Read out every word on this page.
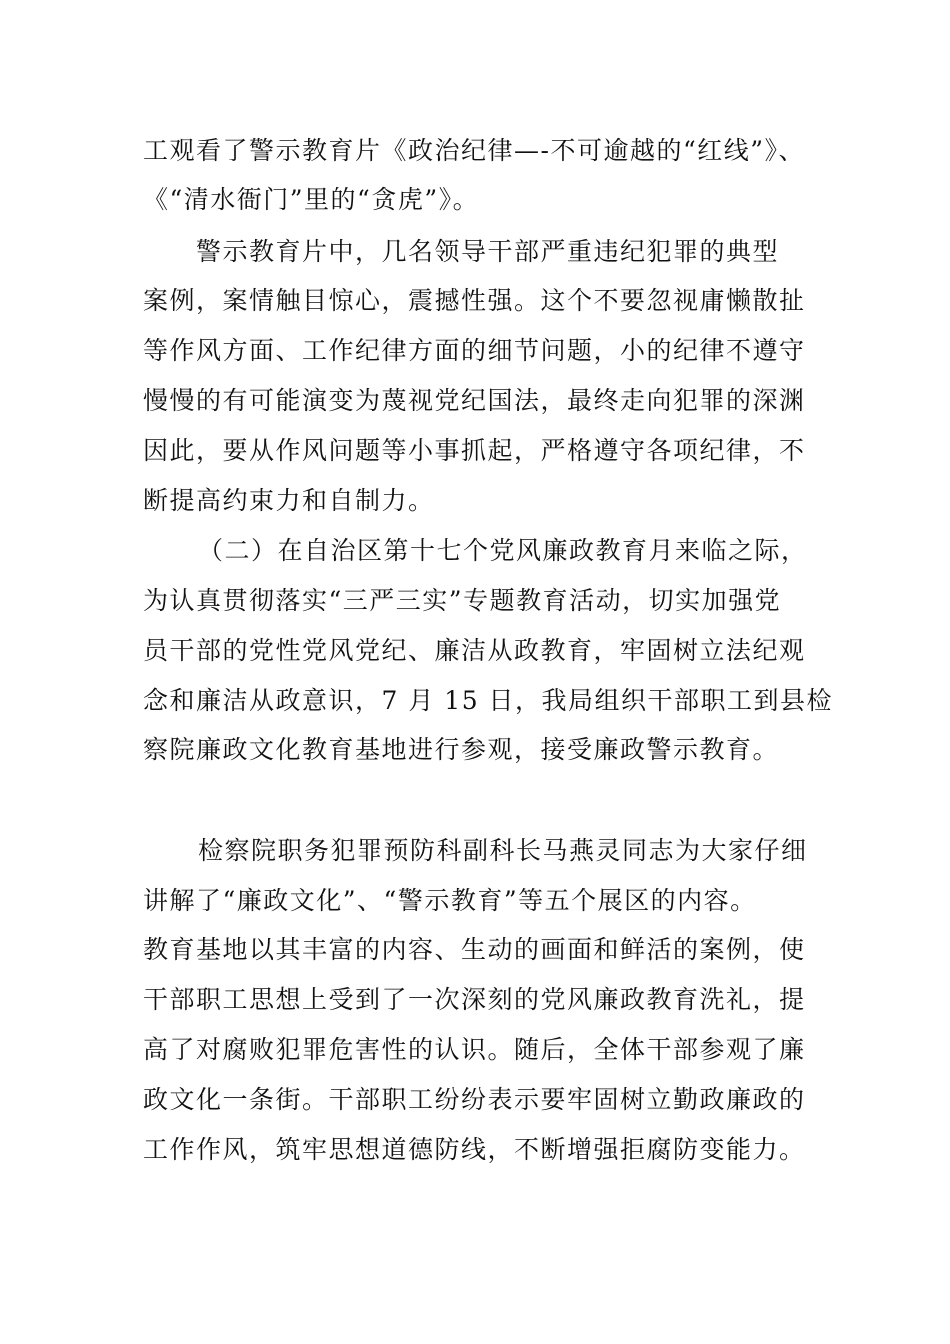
工观看了警示教育片《政治纪律—-不可逾越的“红线”》、
《“清水衙门”里的“贪虎”》。
　　警示教育片中，几名领导干部严重违纪犯罪的典型
案例，案情触目惊心，震撼性强。这个不要忽视庸懒散扯
等作风方面、工作纪律方面的细节问题，小的纪律不遵守
慢慢的有可能演变为蔑视党纪国法，最终走向犯罪的深渊
因此，要从作风问题等小事抓起，严格遵守各项纪律，不
断提高约束力和自制力。
（二）在自治区第十七个党风廉政教育月来临之际，
为认真贯彻落实“三严三实”专题教育活动，切实加强党
员干部的党性党风党纪、廉洁从政教育，牢固树立法纪观
念和廉洁从政意识，7 月 15 日，我局组织干部职工到县检
察院廉政文化教育基地进行参观，接受廉政警示教育。
检察院职务犯罪预防科副科长马燕灵同志为大家仔细
讲解了“廉政文化”、“警示教育”等五个展区的内容。
教育基地以其丰富的内容、生动的画面和鲜活的案例，使
干部职工思想上受到了一次深刻的党风廉政教育洗礼，提
高了对腐败犯罪危害性的认识。随后，全体干部参观了廉
政文化一条街。干部职工纷纷表示要牢固树立勤政廉政的
工作作风，筑牢思想道德防线，不断增强拒腐防变能力。
